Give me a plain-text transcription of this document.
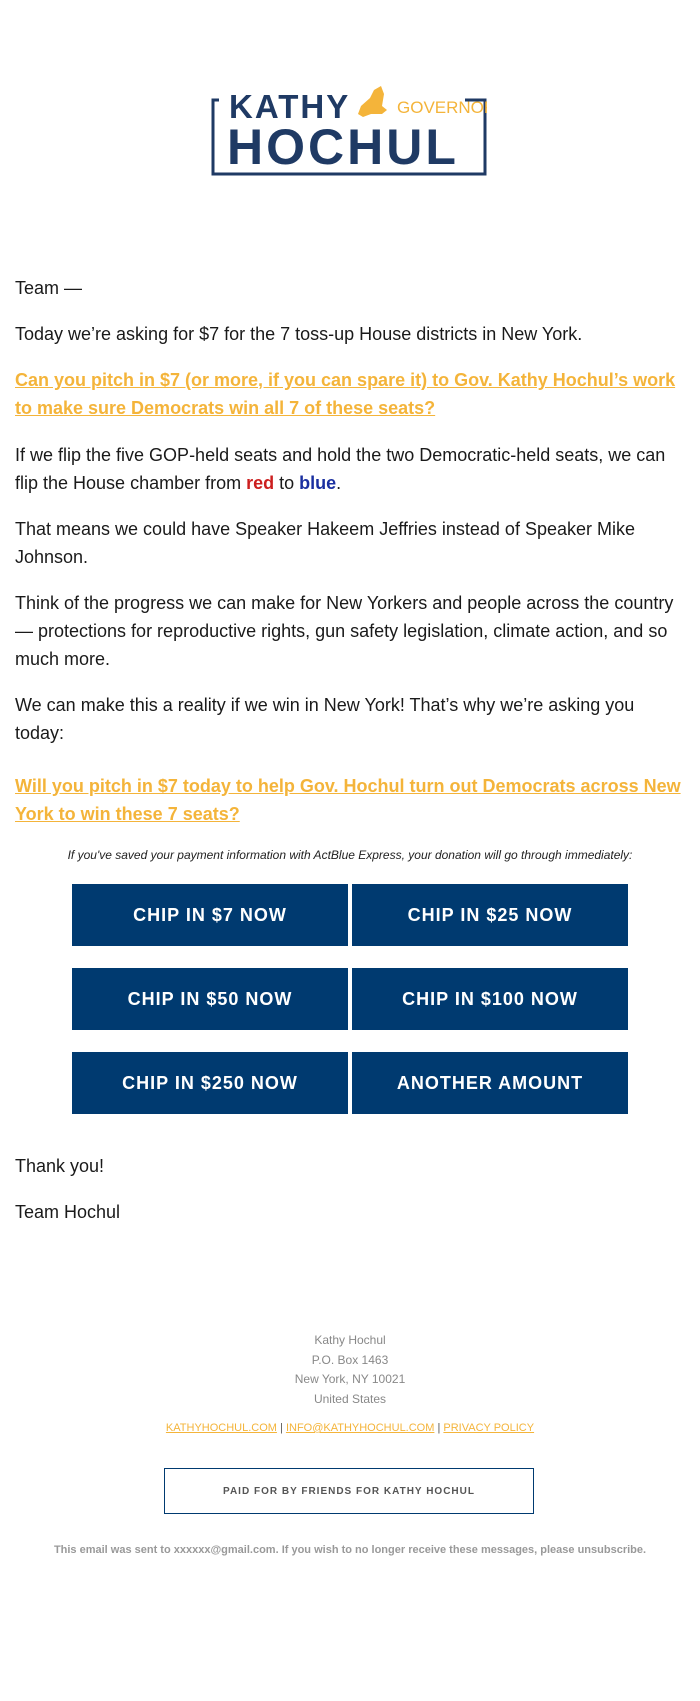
KATHY	GOVERNOR
HOCHUL

Team —

Today we’re asking for $7 for the 7 toss-up House districts in New York.

Can you pitch in $7 (or more, if you can spare it) to Gov. Kathy Hochul’s work to make sure Democrats win all 7 of these seats?

If we flip the five GOP-held seats and hold the two Democratic-held seats, we can flip the House chamber from red to blue.

That means we could have Speaker Hakeem Jeffries instead of Speaker Mike Johnson.

Think of the progress we can make for New Yorkers and people across the country — protections for reproductive rights, gun safety legislation, climate action, and so much more.

We can make this a reality if we win in New York! That’s why we’re asking you today:

Will you pitch in $7 today to help Gov. Hochul turn out Democrats across New York to win these 7 seats?
If you've saved your payment information with ActBlue Express, your donation will go through immediately:
CHIP IN $7 NOW	CHIP IN $25 NOW
CHIP IN $50 NOW	CHIP IN $100 NOW
CHIP IN $250 NOW	ANOTHER AMOUNT

Thank you!

Team Hochul

Kathy Hochul
P.O. Box 1463
New York, NY 10021
United States
KATHYHOCHUL.COM | INFO@KATHYHOCHUL.COM | PRIVACY POLICY
PAID FOR BY FRIENDS FOR KATHY HOCHUL
This email was sent to xxxxxx@gmail.com. If you wish to no longer receive these messages, please unsubscribe.
